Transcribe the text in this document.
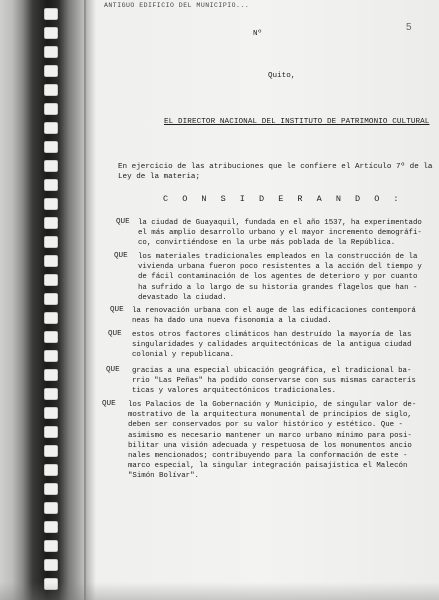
ANTIGUO EDIFICIO DEL MUNICIPIO...
5
Nº
Quito,
EL DIRECTOR NACIONAL DEL INSTITUTO DE PATRIMONIO CULTURAL
En ejercicio de las atribuciones que le confiere el Artículo 7º de la
Ley de la materia;
C O N S I D E R A N D O :
QUE la ciudad de Guayaquil, fundada en el año 1537, ha experimentado
el más amplio desarrollo urbano y el mayor incremento demográfi-
co, convirtiéndose en la urbe más poblada de la República.
QUE los materiales tradicionales empleados en la construcción de la
vivienda urbana fueron poco resistentes a la acción del tiempo y
de fácil contaminación de los agentes de deterioro y por cuanto
ha sufrido a lo largo de su historia grandes flagelos que han -
devastado la ciudad.
QUE la renovación urbana con el auge de las edificaciones contemporá
neas ha dado una nueva fisonomía a la ciudad.
QUE estos otros factores climáticos han destruído la mayoría de las
singularidades y calidades arquitectónicas de la antigua ciudad
colonial y republicana.
QUE gracias a una especial ubicación geográfica, el tradicional ba-
rrio "Las Peñas" ha podido conservarse con sus mismas caracterís
ticas y valores arquitectónicos tradicionales.
QUE los Palacios de la Gobernación y Municipio, de singular valor de-
mostrativo de la arquitectura monumental de principios de siglo,
deben ser conservados por su valor histórico y estético. Que -
asimismo es necesario mantener un marco urbano mínimo para posi-
bilitar una visión adecuada y respetuosa de los monumentos ancio
nales mencionados; contribuyendo para la conformación de este -
marco especial, la singular integración paisajística el Malecón
"Simón Bolívar".
